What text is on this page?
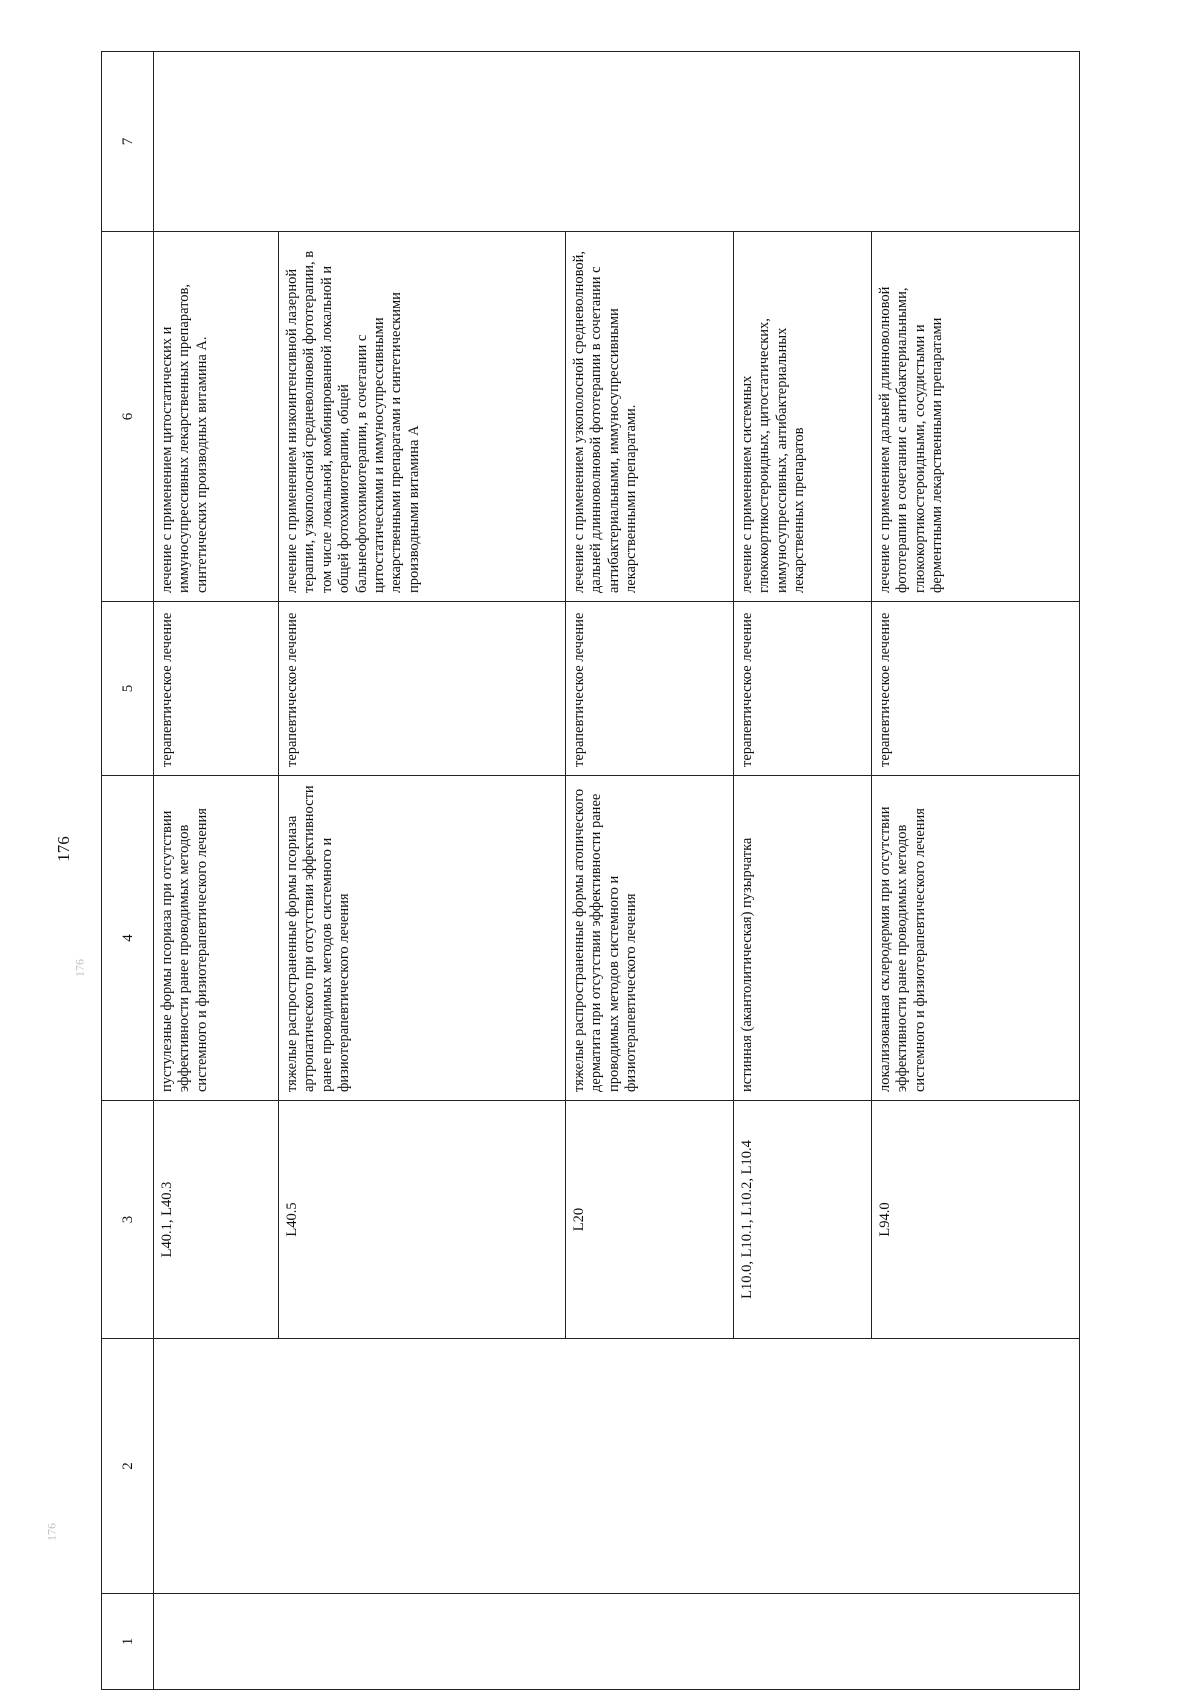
176
176
176
1	2	3	4	5	6	7
		L40.1, L40.3	пустулезные формы псориаза при отсутствии эффективности ранее проводимых методов системного и физиотерапевтического лечения	терапевтическое лечение	лечение с применением цитостатических и иммуносупрессивных лекарственных препаратов, синтетических производных витамина А.	
		L40.5	тяжелые распространенные формы псориаза артропатического при отсутствии эффективности ранее проводимых методов системного и физиотерапевтического лечения	терапевтическое лечение	лечение с применением низкоинтенсивной лазерной терапии, узкополосной средневолновой фототерапии, в том числе локальной, комбинированной локальной и общей фотохимиотерапии, общей бальнеофотохимиотерапии, в сочетании с цитостатическими и иммуносупрессивными лекарственными препаратами и синтетическими производными витамина А	
		L20	тяжелые распространенные формы атопического дерматита при отсутствии эффективности ранее проводимых методов системного и физиотерапевтического лечения	терапевтическое лечение	лечение с применением узкополосной средневолновой, дальней длинноволновой фототерапии в сочетании с антибактериальными, иммуносупрессивными лекарственными препаратами.	
		L10.0, L10.1, L10.2, L10.4	истинная (акантолитическая) пузырчатка	терапевтическое лечение	лечение с применением системных глюкокортикостероидных, цитостатических, иммуносупрессивных, антибактериальных лекарственных препаратов	
		L94.0	локализованная склеродермия при отсутствии эффективности ранее проводимых методов системного и физиотерапевтического лечения	терапевтическое лечение	лечение с применением дальней длинноволновой фототерапии в сочетании с антибактериальными, глюкокортикостероидными, сосудистыми и ферментными лекарственными препаратами	
